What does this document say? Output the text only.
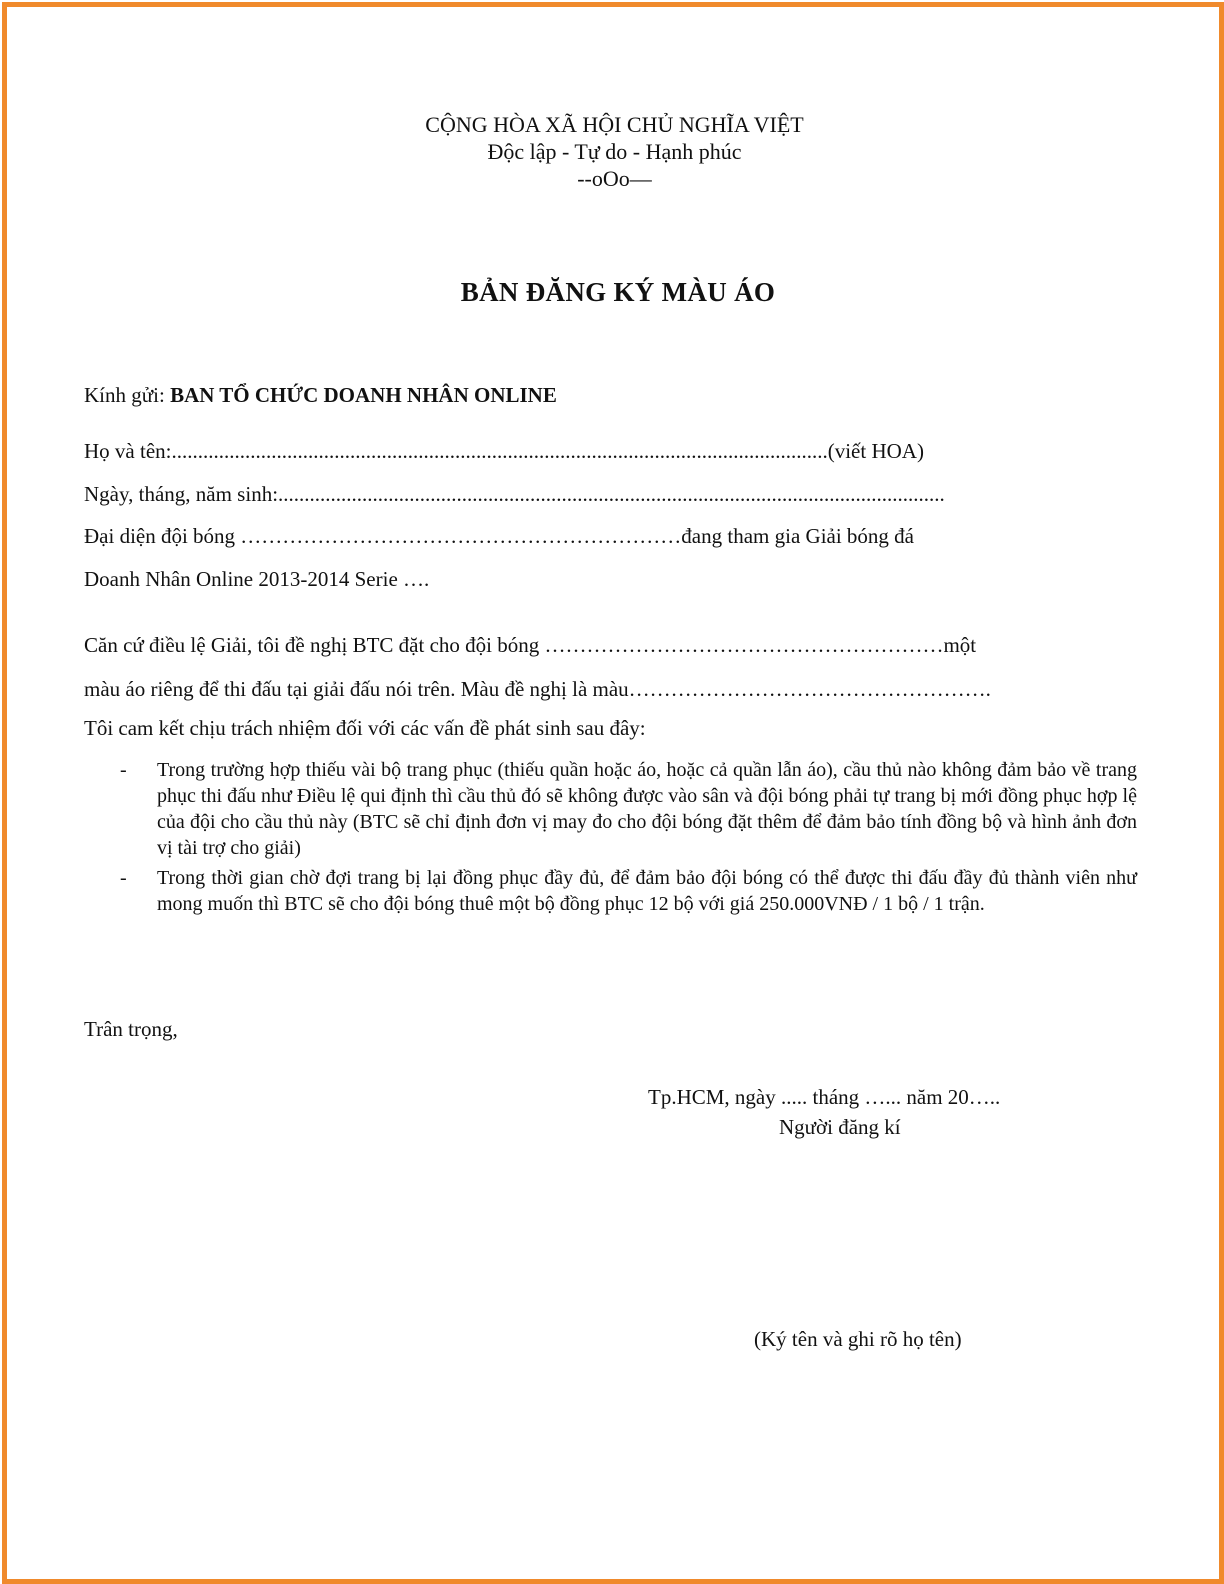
CỘNG HÒA XÃ HỘI CHỦ NGHĨA VIỆT
Độc lập - Tự do - Hạnh phúc
--oOo—
BẢN ĐĂNG KÝ MÀU ÁO

Kính gửi: BAN TỔ CHỨC DOANH NHÂN ONLINE

Họ và tên:.............................................................................................................................(viết HOA)

Ngày, tháng, năm sinh:...............................................................................................................................

Đại diện đội bóng ………………………………………………………đang tham gia Giải bóng đá

Doanh Nhân Online 2013-2014 Serie ….

Căn cứ điều lệ Giải, tôi đề nghị BTC đặt cho đội bóng …………………………………………………một

màu áo riêng để thi đấu tại giải đấu nói trên. Màu đề nghị là màu…………………………………………….

Tôi cam kết chịu trách nhiệm đối với các vấn đề phát sinh sau đây:

- Trong trường hợp thiếu vài bộ trang phục (thiếu quần hoặc áo, hoặc cả quần lẫn áo), cầu thủ nào không đảm bảo về trang phục thi đấu như Điều lệ qui định thì cầu thủ đó sẽ không được vào sân và đội bóng phải tự trang bị mới đồng phục hợp lệ của đội cho cầu thủ này (BTC sẽ chỉ định đơn vị may đo cho đội bóng đặt thêm để đảm bảo tính đồng bộ và hình ảnh đơn vị tài trợ cho giải)

- Trong thời gian chờ đợi trang bị lại đồng phục đầy đủ, để đảm bảo đội bóng có thể được thi đấu đầy đủ thành viên như mong muốn thì BTC sẽ cho đội bóng thuê một bộ đồng phục 12 bộ với giá 250.000VNĐ / 1 bộ / 1 trận.

Trân trọng,

Tp.HCM, ngày ..... tháng …... năm 20…..

Người đăng kí

(Ký tên và ghi rõ họ tên)
